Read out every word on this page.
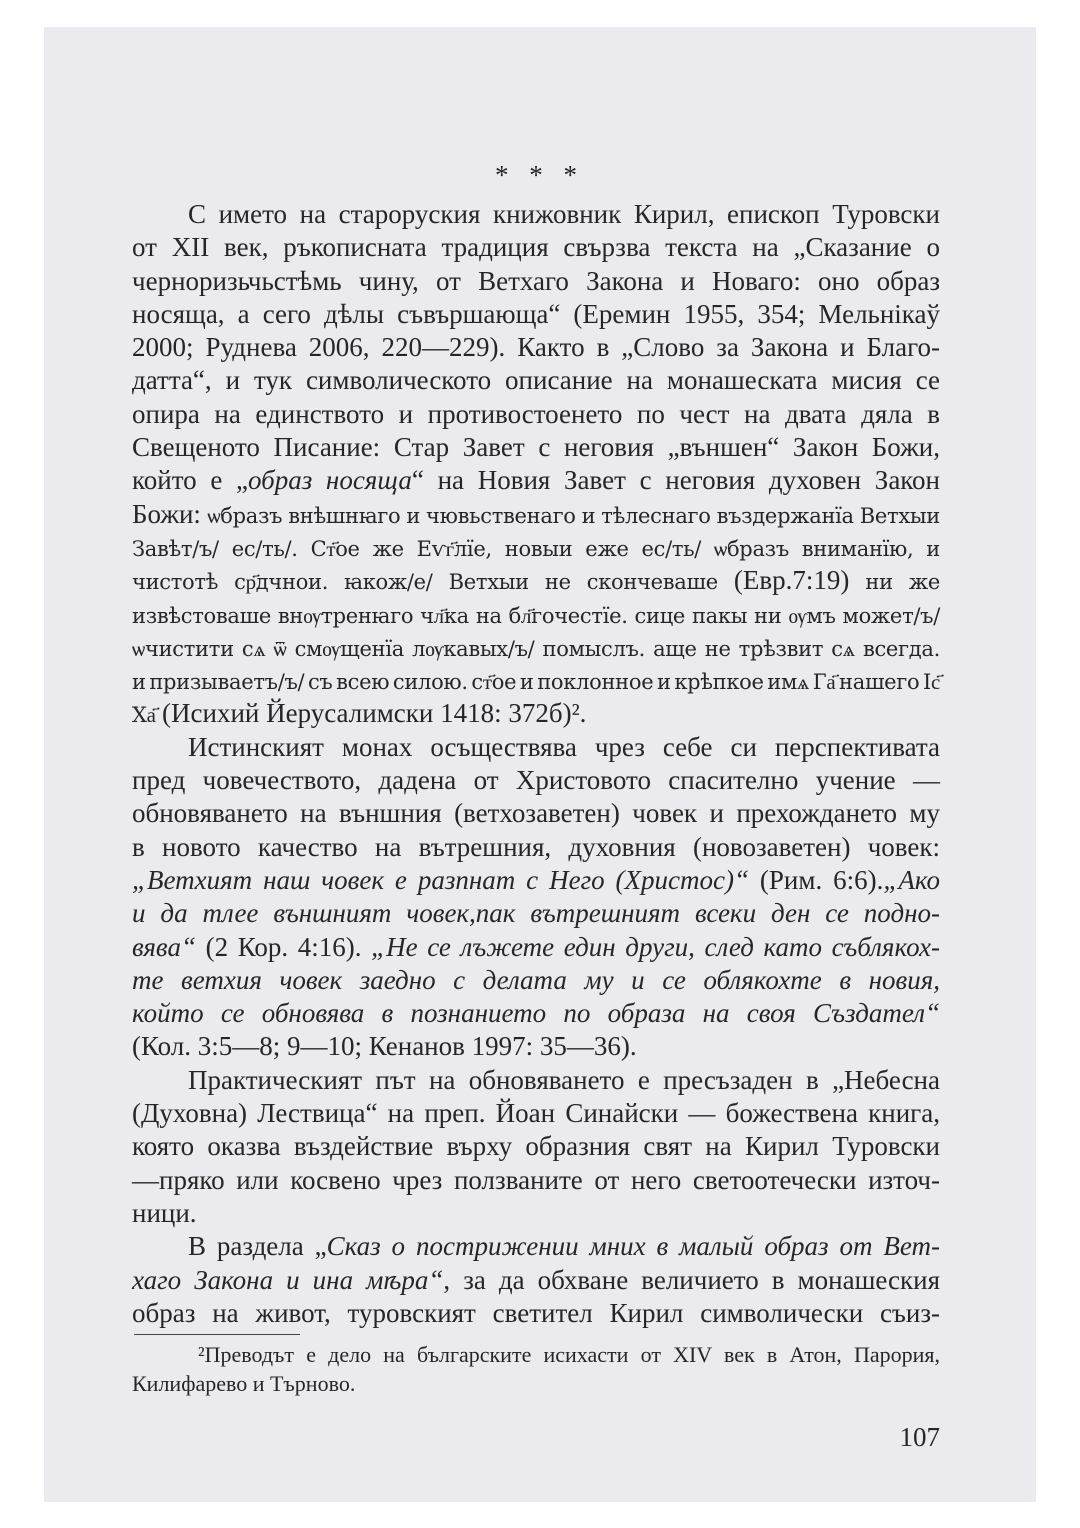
* * *
С името на староруския книжовник Кирил, епископ Туровски
от XII век, ръкописната традиция свързва текста на „Сказание о
черноризьчьстѣмь чину, от Ветхаго Закона и Новаго: оно образ
носяща, а сего дѣлы съвършающа“ (Еремин 1955, 354; Мельнікаў
2000; Руднева 2006, 220—229). Както в „Слово за Закона и Благо-
датта“, и тук символическото описание на монашеската мисия се
опира на единството и противостоенето по чест на двата дяла в
Свещеното Писание: Стар Завет с неговия „външен“ Закон Божи,
който е „образ носяща“ на Новия Завет с неговия духовен Закон
Божи: ѡбразъ внѣшнꙗго и чювьственаго и тѣлеснаго въздержанїа Ветхыи
Завѣт/ъ/ ес/ть/. Ст҃ое же Еѵг҃лїе, новыи еже ес/ть/ ѡбразъ вниманїю, и
чистотѣ ср҃дчнои. ꙗкож/е/ Ветхыи не скончеваше (Евр.7:19) ни же
извѣстоваше внѹтренꙗго чл҃ка на бл҃гочестїе. сице пакы ни ѹмъ может/ъ/
ѡчистити сѧ ѿ смѹщенїа лѹкавых/ъ/ помыслъ. аще не трѣзвит сѧ всегда.
и призываетъ/ъ/ съ всею силою. ст҃ое и поклонное и крѣпкое имѧ Га҃ нашего Іс҃
Ха҃ (Исихий Йерусалимски 1418: 372б)².
Истинският монах осъществява чрез себе си перспективата
пред човечеството, дадена от Христовото спасително учение —
обновяването на външния (ветхозаветен) човек и прехождането му
в новото качество на вътрешния, духовния (новозаветен) човек:
„Ветхият наш човек е разпнат с Него (Христос)“ (Рим. 6:6).„Ако
и да тлее външният човек,пак вътрешният всеки ден се подно-
вява“ (2 Кор. 4:16). „Не се лъжете един други, след като съблякох-
те ветхия човек заедно с делата му и се облякохте в новия,
който се обновява в познанието по образа на своя Създател“
(Кол. 3:5—8; 9—10; Кенанов 1997: 35—36).
Практическият път на обновяването е пресъзаден в „Небесна
(Духовна) Лествица“ на преп. Йоан Синайски — божествена книга,
която оказва въздействие върху образния свят на Кирил Туровски
—пряко или косвено чрез ползваните от него светоотечески източ-
ници.
В раздела „Сказ о пострижении мних в малый образ от Вет-
хаго Закона и ина мѣра“, за да обхване величието в монашеския
образ на живот, туровският светител Кирил символически съиз-
²Преводът е дело на българските исихасти от XIV век в Атон, Парория,
Килифарево и Търново.
107
